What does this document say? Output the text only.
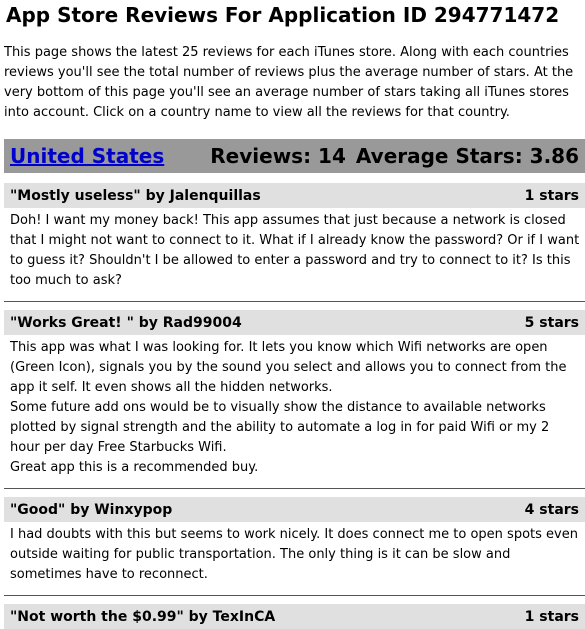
App Store Reviews For Application ID 294771472

This page shows the latest 25 reviews for each iTunes store. Along with each countries reviews you'll see the total number of reviews plus the average number of stars. At the very bottom of this page you'll see an average number of stars taking all iTunes stores into account. Click on a country name to view all the reviews for that country.

United States Reviews: 14 Average Stars: 3.86
"Mostly useless" by Jalenquillas	1 stars

Doh! I want my money back! This app assumes that just because a network is closed that I might not want to connect to it. What if I already know the password? Or if I want to guess it? Shouldn't I be allowed to enter a password and try to connect to it? Is this too much to ask?

"Works Great! " by Rad99004	5 stars

This app was what I was looking for. It lets you know which Wifi networks are open (Green Icon), signals you by the sound you select and allows you to connect from the app it self. It even shows all the hidden networks.

Some future add ons would be to visually show the distance to available networks plotted by signal strength and the ability to automate a log in for paid Wifi or my 2 hour per day Free Starbucks Wifi.

Great app this is a recommended buy.

"Good" by Winxypop	4 stars

I had doubts with this but seems to work nicely. It does connect me to open spots even outside waiting for public transportation. The only thing is it can be slow and sometimes have to reconnect.

"Not worth the $0.99" by TexInCA	1 stars
